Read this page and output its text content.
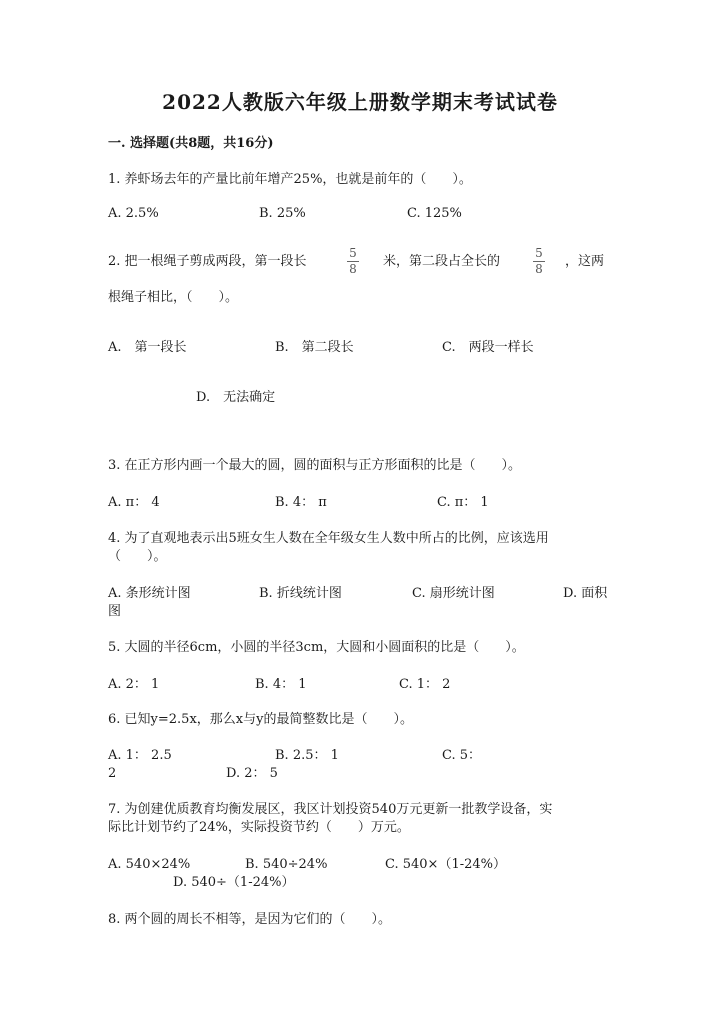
2022人教版六年级上册数学期末考试试卷
一. 选择题(共8题，共16分)
1. 养虾场去年的产量比前年增产25%，也就是前年的（　　）。
A. 2.5%	B. 25%	C. 125%
2. 把一根绳子剪成两段，第一段长
5
8	米，第二段占全长的
5
8	，这两
根绳子相比，（　　）。
A.　第一段长	B.　第二段长	C.　两段一样长
D.　无法确定
3. 在正方形内画一个最大的圆，圆的面积与正方形面积的比是（　　）。
A. π： 4	B. 4： π	C. π： 1
4. 为了直观地表示出5班女生人数在全年级女生人数中所占的比例，应该选用
（　　）。
A. 条形统计图	B. 折线统计图	C. 扇形统计图	D. 面积
图
5. 大圆的半径6cm，小圆的半径3cm，大圆和小圆面积的比是（　　）。
A. 2： 1	B. 4： 1	C. 1： 2
6. 已知y=2.5x，那么x与y的最简整数比是（　　）。
A. 1： 2.5	B. 2.5： 1	C. 5：
2	D. 2： 5
7. 为创建优质教育均衡发展区，我区计划投资540万元更新一批教学设备，实
际比计划节约了24%，实际投资节约（　　）万元。
A. 540×24%	B. 540÷24%	C. 540×（1-24%）
D. 540÷（1-24%）
8. 两个圆的周长不相等，是因为它们的（　　）。
